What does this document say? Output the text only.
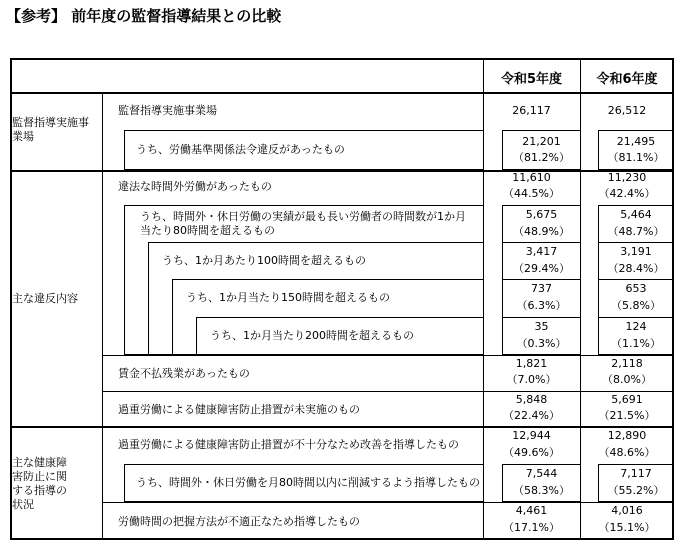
【参考】 前年度の監督指導結果との比較
令和5年度	令和6年度
監督指導実施事業場
主な違反内容
主な健康障害防止に関する指導の状況
監督指導実施事業場
うち、労働基準関係法令違反があったもの
違法な時間外労働があったもの
うち、時間外・休日労働の実績が最も長い労働者の時間数が1か月当たり80時間を超えるもの
うち、1か月あたり100時間を超えるもの
うち、1か月当たり150時間を超えるもの
うち、1か月当たり200時間を超えるもの
賃金不払残業があったもの
過重労働による健康障害防止措置が未実施のもの
過重労働による健康障害防止措置が不十分なため改善を指導したもの
うち、時間外・休日労働を月80時間以内に削減するよう指導したもの
労働時間の把握方法が不適正なため指導したもの
26,117
21,201
（81.2%）
11,610
（44.5%）
5,675
（48.9%）
3,417
（29.4%）
737
（6.3%）
35
（0.3%）
1,821
（7.0%）
5,848
（22.4%）
12,944
（49.6%）
7,544
（58.3%）
4,461
（17.1%）
26,512
21,495
（81.1%）
11,230
（42.4%）
5,464
（48.7%）
3,191
（28.4%）
653
（5.8%）
124
（1.1%）
2,118
（8.0%）
5,691
（21.5%）
12,890
（48.6%）
7,117
（55.2%）
4,016
（15.1%）
